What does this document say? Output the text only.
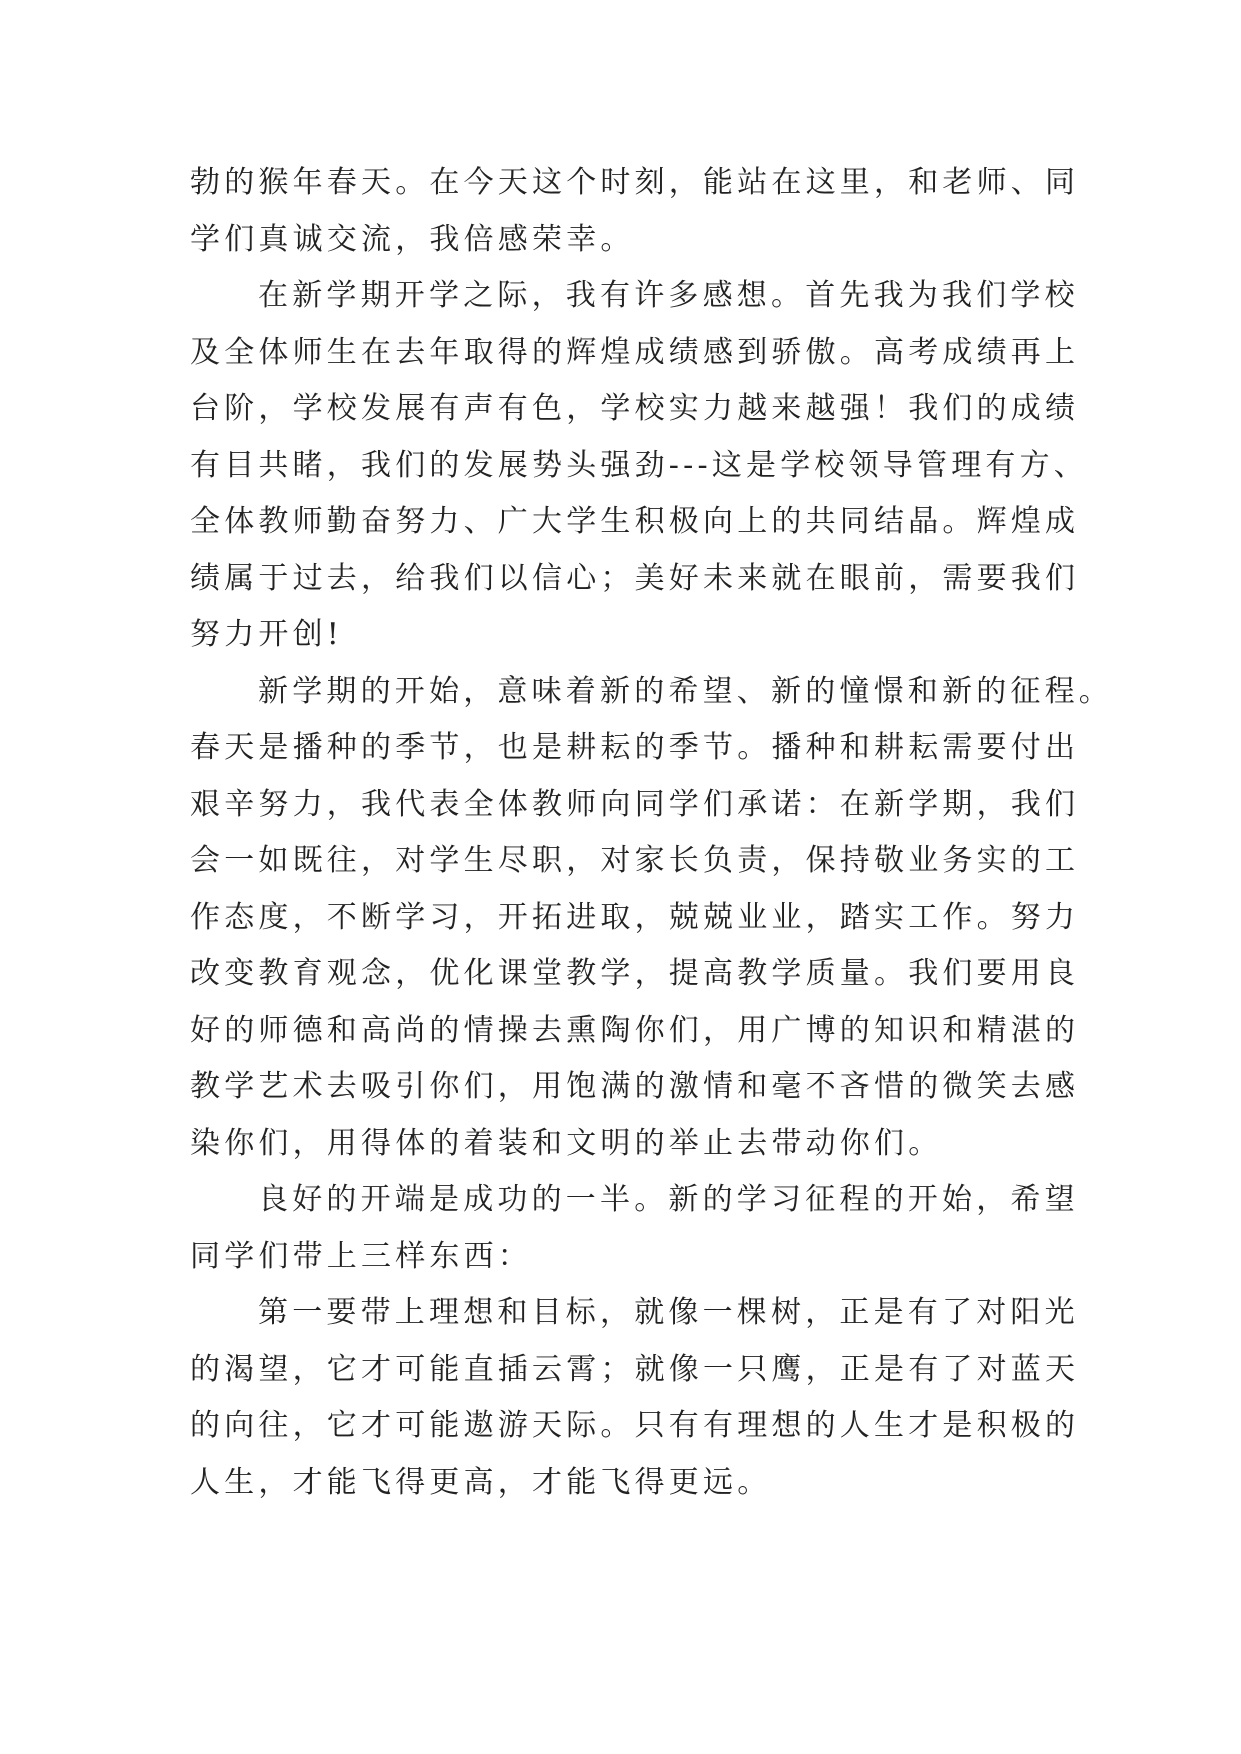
勃的猴年春天。在今天这个时刻，能站在这里，和老师、同
学们真诚交流，我倍感荣幸。
在新学期开学之际，我有许多感想。首先我为我们学校
及全体师生在去年取得的辉煌成绩感到骄傲。高考成绩再上
台阶，学校发展有声有色，学校实力越来越强！我们的成绩
有目共睹，我们的发展势头强劲---这是学校领导管理有方、
全体教师勤奋努力、广大学生积极向上的共同结晶。辉煌成
绩属于过去，给我们以信心；美好未来就在眼前，需要我们
努力开创!
新学期的开始，意味着新的希望、新的憧憬和新的征程。
春天是播种的季节，也是耕耘的季节。播种和耕耘需要付出
艰辛努力，我代表全体教师向同学们承诺：在新学期，我们
会一如既往，对学生尽职，对家长负责，保持敬业务实的工
作态度，不断学习，开拓进取，兢兢业业，踏实工作。努力
改变教育观念，优化课堂教学，提高教学质量。我们要用良
好的师德和高尚的情操去熏陶你们，用广博的知识和精湛的
教学艺术去吸引你们，用饱满的激情和毫不吝惜的微笑去感
染你们，用得体的着装和文明的举止去带动你们。
良好的开端是成功的一半。新的学习征程的开始，希望
同学们带上三样东西：
第一要带上理想和目标，就像一棵树，正是有了对阳光
的渴望，它才可能直插云霄；就像一只鹰，正是有了对蓝天
的向往，它才可能遨游天际。只有有理想的人生才是积极的
人生，才能飞得更高，才能飞得更远。
